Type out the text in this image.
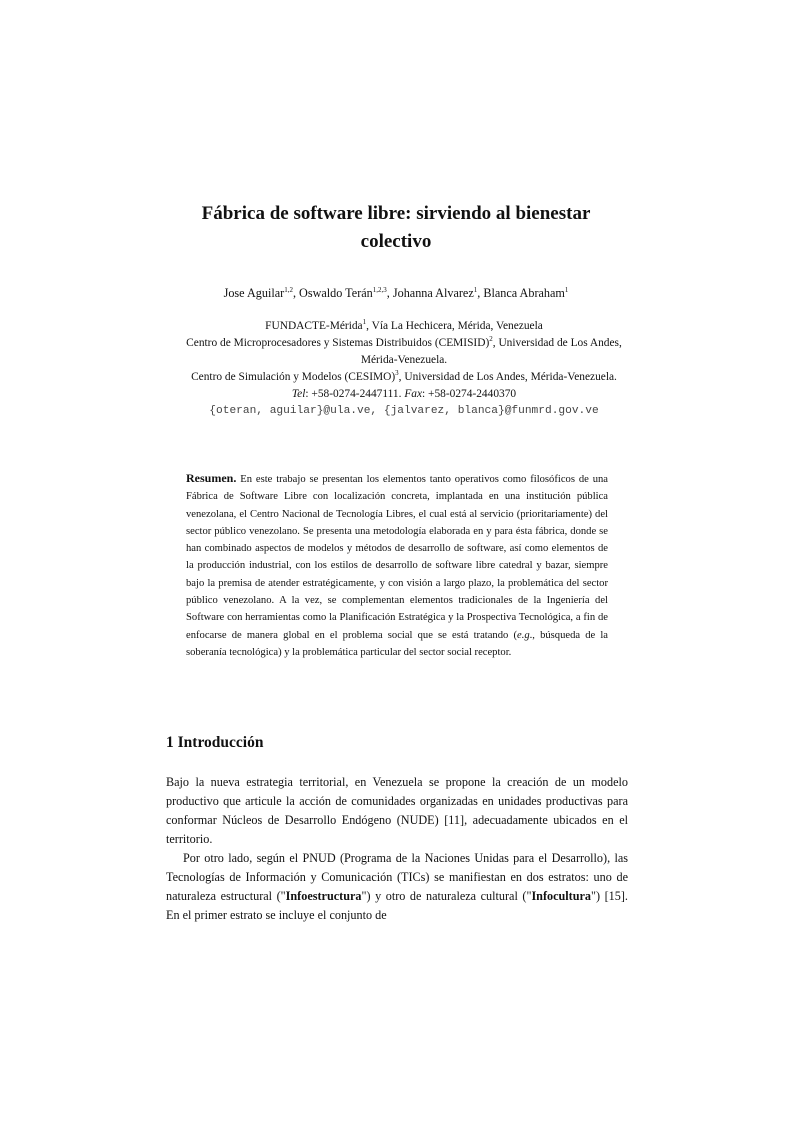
Fábrica de software libre: sirviendo al bienestar colectivo
Jose Aguilar$^{1,2}$, Oswaldo Terán$^{1,2,3}$, Johanna Alvarez$^1$, Blanca Abraham$^1$
FUNDACTE-Mérida$^1$, Vía La Hechicera, Mérida, Venezuela
Centro de Microprocesadores y Sistemas Distribuidos (CEMISID)$^2$, Universidad de Los Andes, Mérida-Venezuela.
Centro de Simulación y Modelos (CESIMO)$^3$, Universidad de Los Andes, Mérida-Venezuela.
Tel: +58-0274-2447111. Fax: +58-0274-2440370
{oteran, aguilar}@ula.ve, {jalvarez, blanca}@funmrd.gov.ve
Resumen. En este trabajo se presentan los elementos tanto operativos como filosóficos de una Fábrica de Software Libre con localización concreta, implantada en una institución pública venezolana, el Centro Nacional de Tecnología Libres, el cual está al servicio (prioritariamente) del sector público venezolano. Se presenta una metodología elaborada en y para ésta fábrica, donde se han combinado aspectos de modelos y métodos de desarrollo de software, así como elementos de la producción industrial, con los estilos de desarrollo de software libre catedral y bazar, siempre bajo la premisa de atender estratégicamente, y con visión a largo plazo, la problemática del sector público venezolano. A la vez, se complementan elementos tradicionales de la Ingeniería del Software con herramientas como la Planificación Estratégica y la Prospectiva Tecnológica, a fin de enfocarse de manera global en el problema social que se está tratando (e.g., búsqueda de la soberanía tecnológica) y la problemática particular del sector social receptor.
1 Introducción

Bajo la nueva estrategia territorial, en Venezuela se propone la creación de un modelo productivo que articule la acción de comunidades organizadas en unidades productivas para conformar Núcleos de Desarrollo Endógeno (NUDE) [11], adecuadamente ubicados en el territorio.

Por otro lado, según el PNUD (Programa de la Naciones Unidas para el Desarrollo), las Tecnologías de Información y Comunicación (TICs) se manifiestan en dos estratos: uno de naturaleza estructural ("Infoestructura") y otro de naturaleza cultural ("Infocultura") [15]. En el primer estrato se incluye el conjunto de
